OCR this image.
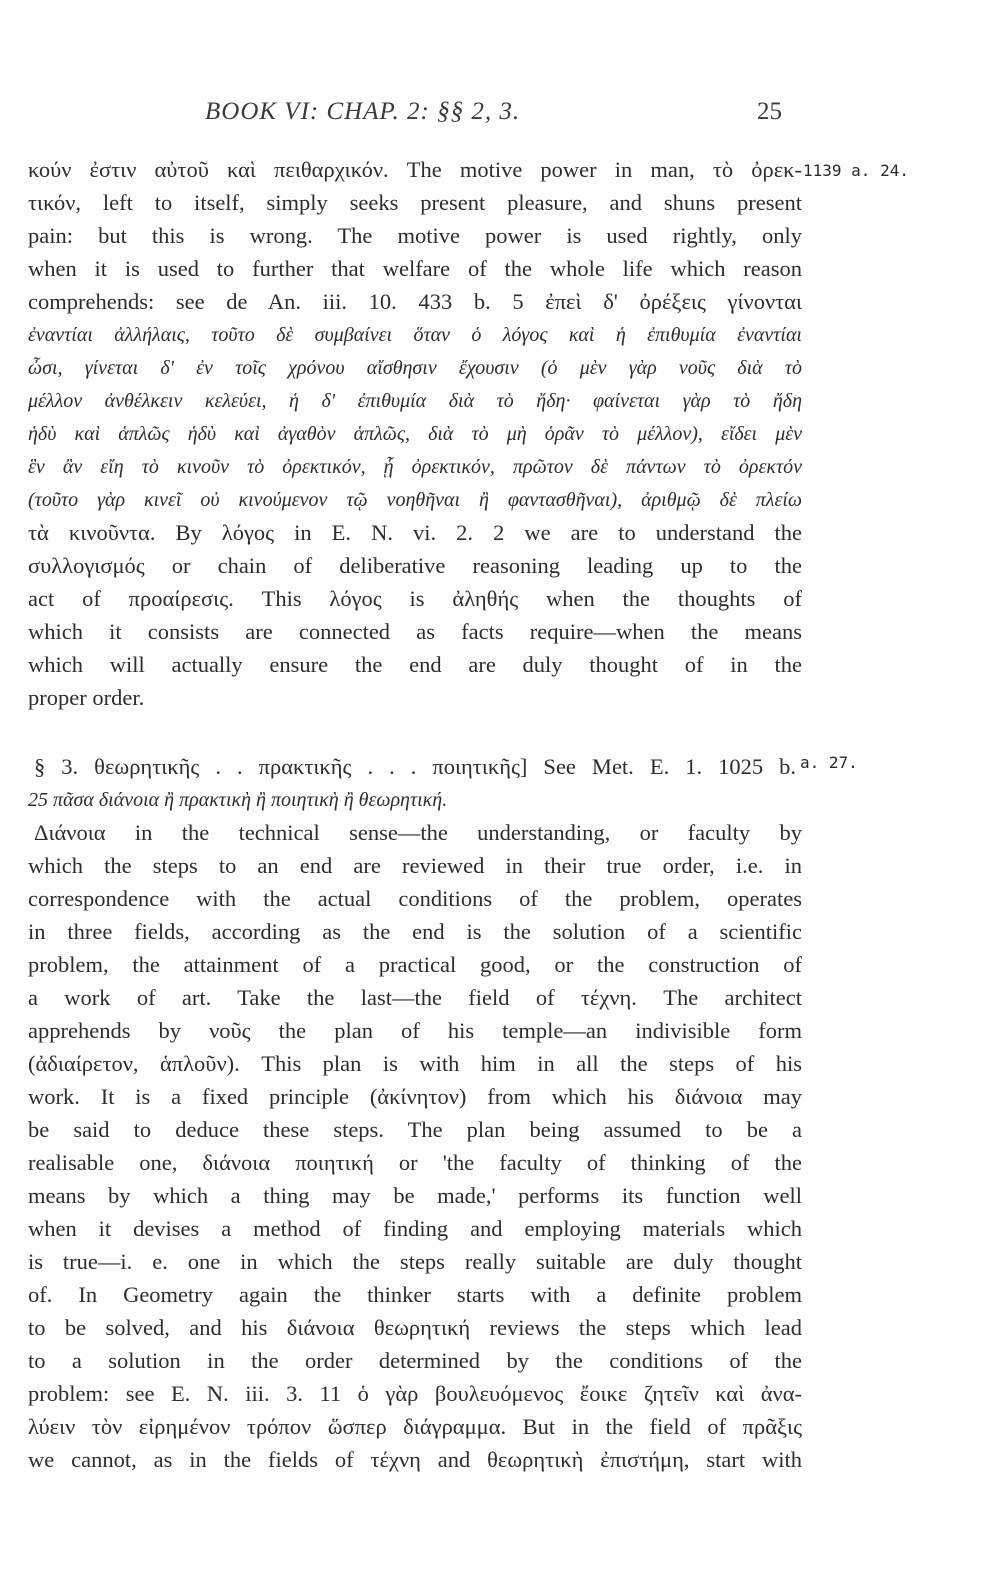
BOOK VI: CHAP. 2: §§ 2, 3.	25
1139 a. 24.
a. 27.
κούν ἐστιν αὐτοῦ καὶ πειθαρχικόν. The motive power in man, τὸ ὀρεκ-
τικόν, left to itself, simply seeks present pleasure, and shuns present
pain: but this is wrong. The motive power is used rightly, only
when it is used to further that welfare of the whole life which reason
comprehends: see de An. iii. 10. 433 b. 5 ἐπεὶ δ' ὀρέξεις γίνονται
ἐναντίαι ἀλλήλαις, τοῦτο δὲ συμβαίνει ὅταν ὁ λόγος καὶ ἡ ἐπιθυμία ἐναντίαι
ὦσι, γίνεται δ' ἐν τοῖς χρόνου αἴσθησιν ἔχουσιν (ὁ μὲν γὰρ νοῦς διὰ τὸ
μέλλον ἀνθέλκειν κελεύει, ἡ δ' ἐπιθυμία διὰ τὸ ἤδη· φαίνεται γὰρ τὸ ἤδη
ἡδὺ καὶ ἁπλῶς ἡδὺ καὶ ἀγαθὸν ἁπλῶς, διὰ τὸ μὴ ὁρᾶν τὸ μέλλον), εἴδει μὲν
ἓν ἂν εἴη τὸ κινοῦν τὸ ὀρεκτικόν, ᾗ ὀρεκτικόν, πρῶτον δὲ πάντων τὸ ὀρεκτόν
(τοῦτο γὰρ κινεῖ οὐ κινούμενον τῷ νοηθῆναι ἢ φαντασθῆναι), ἀριθμῷ δὲ πλείω
τὰ κινοῦντα. By λόγος in E. N. vi. 2. 2 we are to understand the
συλλογισμός or chain of deliberative reasoning leading up to the
act of προαίρεσις. This λόγος is ἀληθής when the thoughts of
which it consists are connected as facts require—when the means
which will actually ensure the end are duly thought of in the
proper order.
§ 3. θεωρητικῆς . . πρακτικῆς . . . ποιητικῆς] See Met. E. 1. 1025 b.
25 πᾶσα διάνοια ἢ πρακτικὴ ἢ ποιητικὴ ἢ θεωρητική.
Διάνοια in the technical sense—the understanding, or faculty by
which the steps to an end are reviewed in their true order, i.e. in
correspondence with the actual conditions of the problem, operates
in three fields, according as the end is the solution of a scientific
problem, the attainment of a practical good, or the construction of
a work of art. Take the last—the field of τέχνη. The architect
apprehends by νοῦς the plan of his temple—an indivisible form
(ἀδιαίρετον, ἁπλοῦν). This plan is with him in all the steps of his
work. It is a fixed principle (ἀκίνητον) from which his διάνοια may
be said to deduce these steps. The plan being assumed to be a
realisable one, διάνοια ποιητική or 'the faculty of thinking of the
means by which a thing may be made,' performs its function well
when it devises a method of finding and employing materials which
is true—i. e. one in which the steps really suitable are duly thought
of. In Geometry again the thinker starts with a definite problem
to be solved, and his διάνοια θεωρητική reviews the steps which lead
to a solution in the order determined by the conditions of the
problem: see E. N. iii. 3. 11 ὁ γὰρ βουλευόμενος ἔοικε ζητεῖν καὶ ἀνα-
λύειν τὸν εἰρημένον τρόπον ὥσπερ διάγραμμα. But in the field of πρᾶξις
we cannot, as in the fields of τέχνη and θεωρητικὴ ἐπιστήμη, start with
